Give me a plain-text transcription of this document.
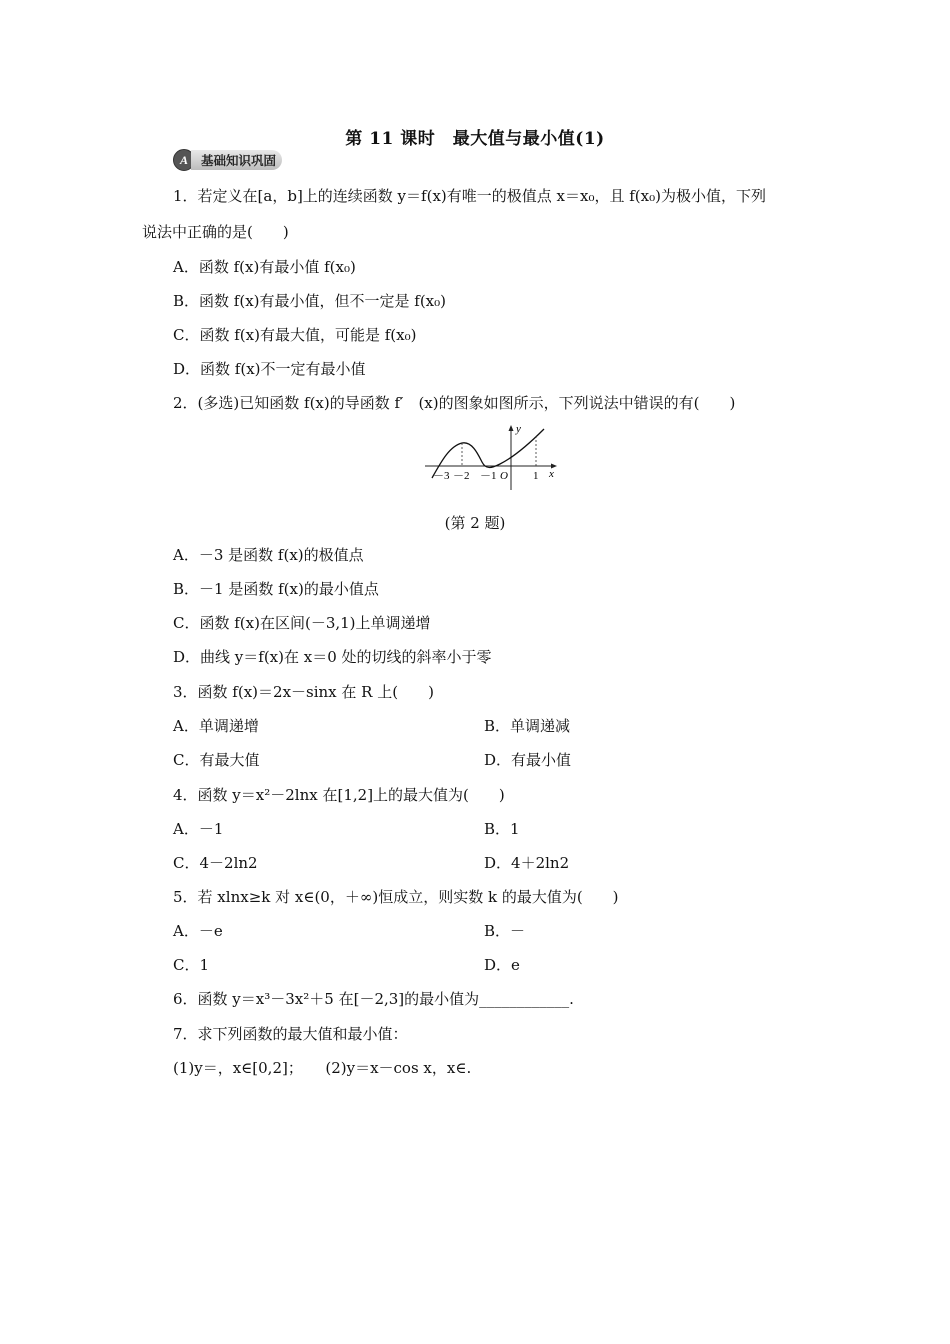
第 11 课时　最大值与最小值(1)
A	基础知识巩固
1．若定义在[a，b]上的连续函数 y＝f(x)有唯一的极值点 x＝x₀，且 f(x₀)为极小值，下列
说法中正确的是(　　)
A．函数 f(x)有最小值 f(x₀)
B．函数 f(x)有最小值，但不一定是 f(x₀)
C．函数 f(x)有最大值，可能是 f(x₀)
D．函数 f(x)不一定有最小值
2．(多选)已知函数 f(x)的导函数 f′　(x)的图象如图所示，下列说法中错误的有(　　)
－3 －2 －1 O 1 x
y
(第 2 题)
A．－3 是函数 f(x)的极值点
B．－1 是函数 f(x)的最小值点
C．函数 f(x)在区间(－3,1)上单调递增
D．曲线 y＝f(x)在 x＝0 处的切线的斜率小于零
3．函数 f(x)＝2x－sinx 在 R 上(　　)
A．单调递增	B．单调递减
C．有最大值	D．有最小值
4．函数 y＝x²－2lnx 在[1,2]上的最大值为(　　)
A．－1	B．1
C．4－2ln2	D．4＋2ln2
5．若 xlnx≥k 对 x∈(0，＋∞)恒成立，则实数 k 的最大值为(　　)
A．－e	B．－
C．1	D．e
6．函数 y＝x³－3x²＋5 在[－2,3]的最小值为____________.
7．求下列函数的最大值和最小值：
(1)y＝，x∈[0,2]；　　(2)y＝x－cos x，x∈.
